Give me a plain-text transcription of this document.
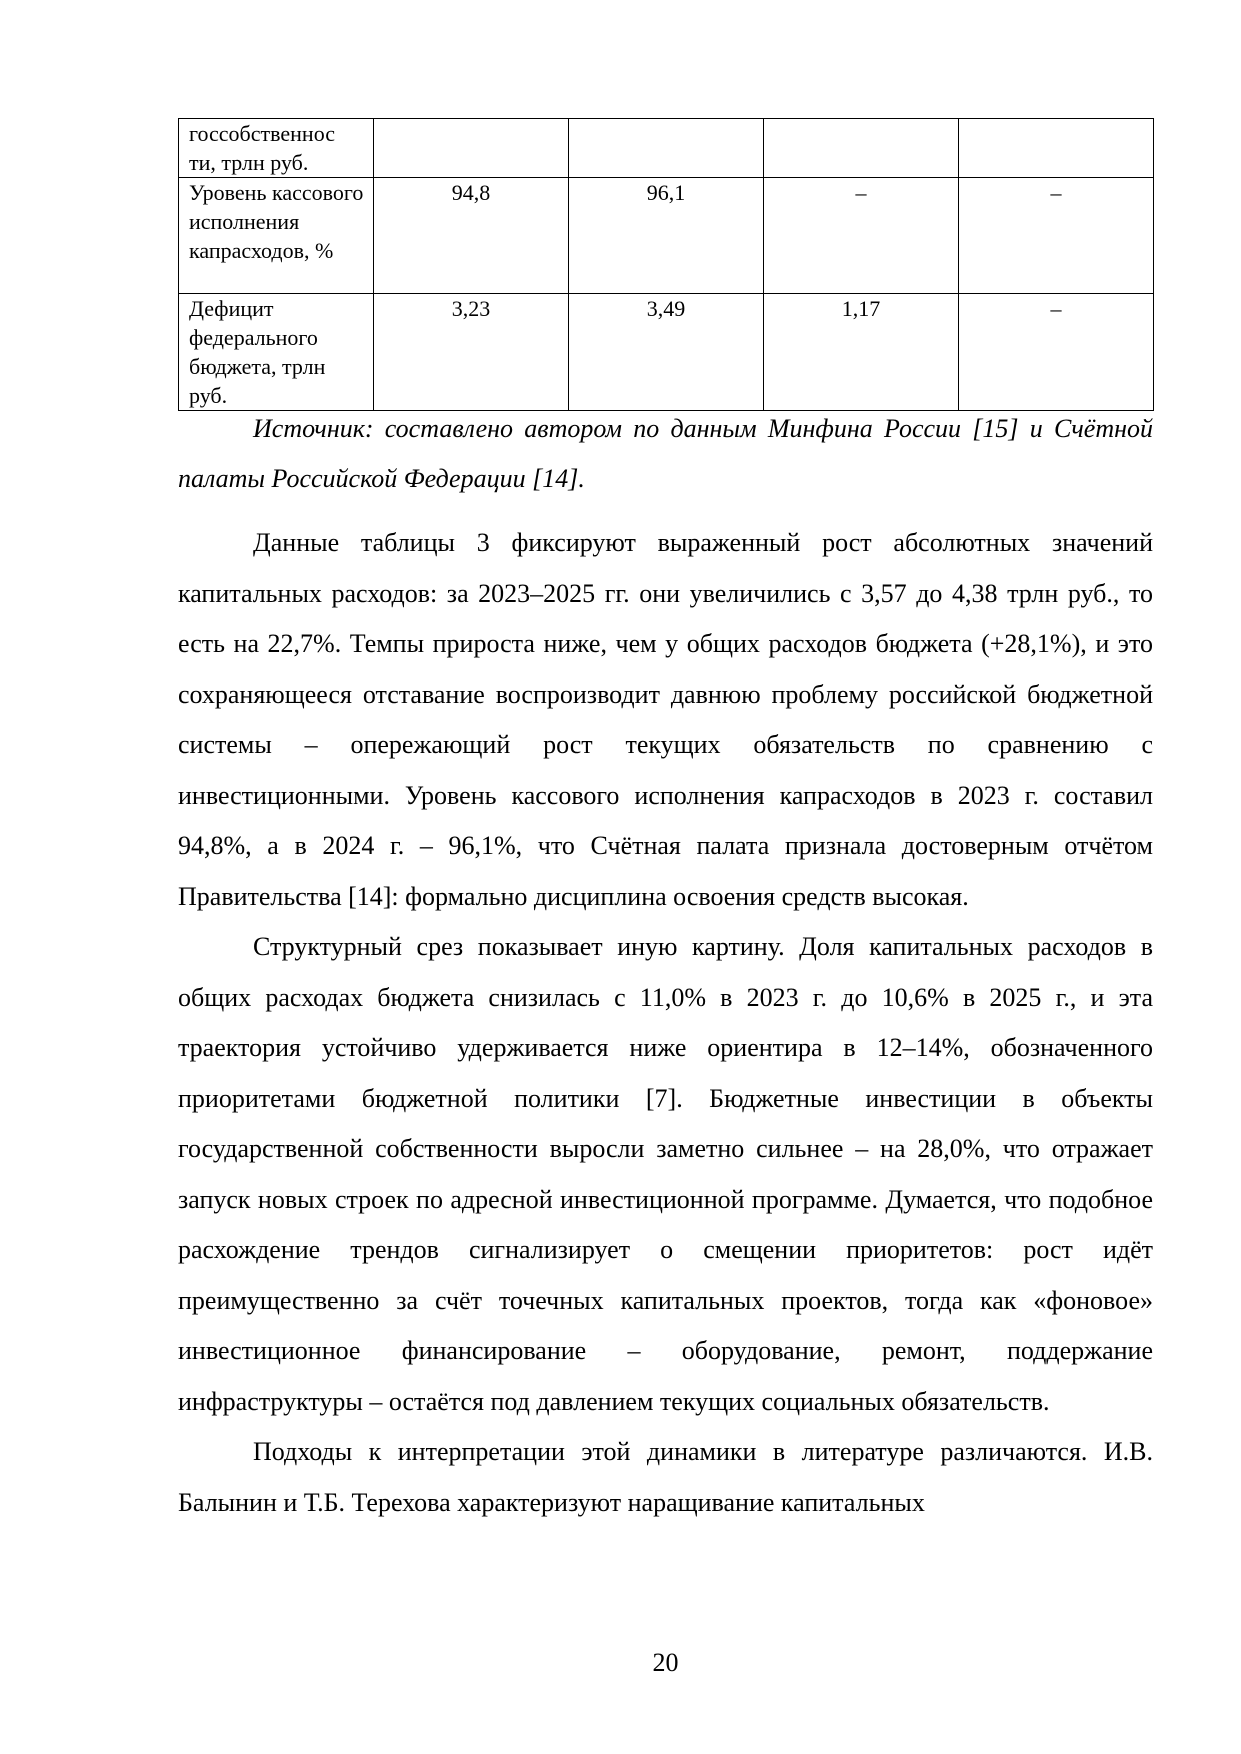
госсобственнос ти, трлн руб.				
Уровень кассового исполнения капрасходов, %	94,8	96,1	–	–
Дефицит федерального бюджета, трлн руб.	3,23	3,49	1,17	–

Источник: составлено автором по данным Минфина России [15] и Счётной палаты Российской Федерации [14].

Данные таблицы 3 фиксируют выраженный рост абсолютных значений капитальных расходов: за 2023–2025 гг. они увеличились с 3,57 до 4,38 трлн руб., то есть на 22,7%. Темпы прироста ниже, чем у общих расходов бюджета (+28,1%), и это сохраняющееся отставание воспроизводит давнюю проблему российской бюджетной системы – опережающий рост текущих обязательств по сравнению с инвестиционными. Уровень кассового исполнения капрасходов в 2023 г. составил 94,8%, а в 2024 г. – 96,1%, что Счётная палата признала достоверным отчётом Правительства [14]: формально дисциплина освоения средств высокая.

Структурный срез показывает иную картину. Доля капитальных расходов в общих расходах бюджета снизилась с 11,0% в 2023 г. до 10,6% в 2025 г., и эта траектория устойчиво удерживается ниже ориентира в 12–14%, обозначенного приоритетами бюджетной политики [7]. Бюджетные инвестиции в объекты государственной собственности выросли заметно сильнее – на 28,0%, что отражает запуск новых строек по адресной инвестиционной программе. Думается, что подобное расхождение трендов сигнализирует о смещении приоритетов: рост идёт преимущественно за счёт точечных капитальных проектов, тогда как «фоновое» инвестиционное финансирование – оборудование, ремонт, поддержание инфраструктуры – остаётся под давлением текущих социальных обязательств.

Подходы к интерпретации этой динамики в литературе различаются. И.В. Балынин и Т.Б. Терехова характеризуют наращивание капитальных

20
